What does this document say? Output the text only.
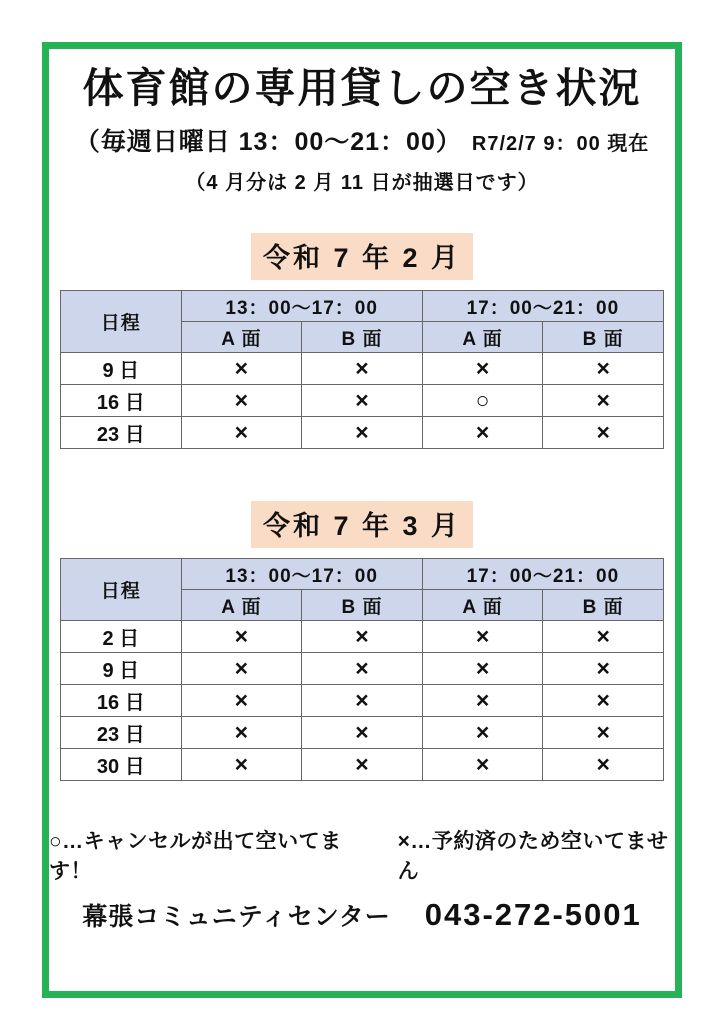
体育館の専用貸しの空き状況
（毎週日曜日 13：00～21：00） R7/2/7 9：00 現在
（4 月分は 2 月 11 日が抽選日です）
令和 7 年 2 月
日程	13：00～17：00		17：00～21：00	
	A 面	B 面	A 面	B 面
9 日	×	×	×	×
16 日	×	×	○	×
23 日	×	×	×	×
令和 7 年 3 月
日程	13：00～17：00		17：00～21：00	
	A 面	B 面	A 面	B 面
2 日	×	×	×	×
9 日	×	×	×	×
16 日	×	×	×	×
23 日	×	×	×	×
30 日	×	×	×	×
○…キャンセルが出て空いてます！
×…予約済のため空いてません
幕張コミュニティセンター 043-272-5001
